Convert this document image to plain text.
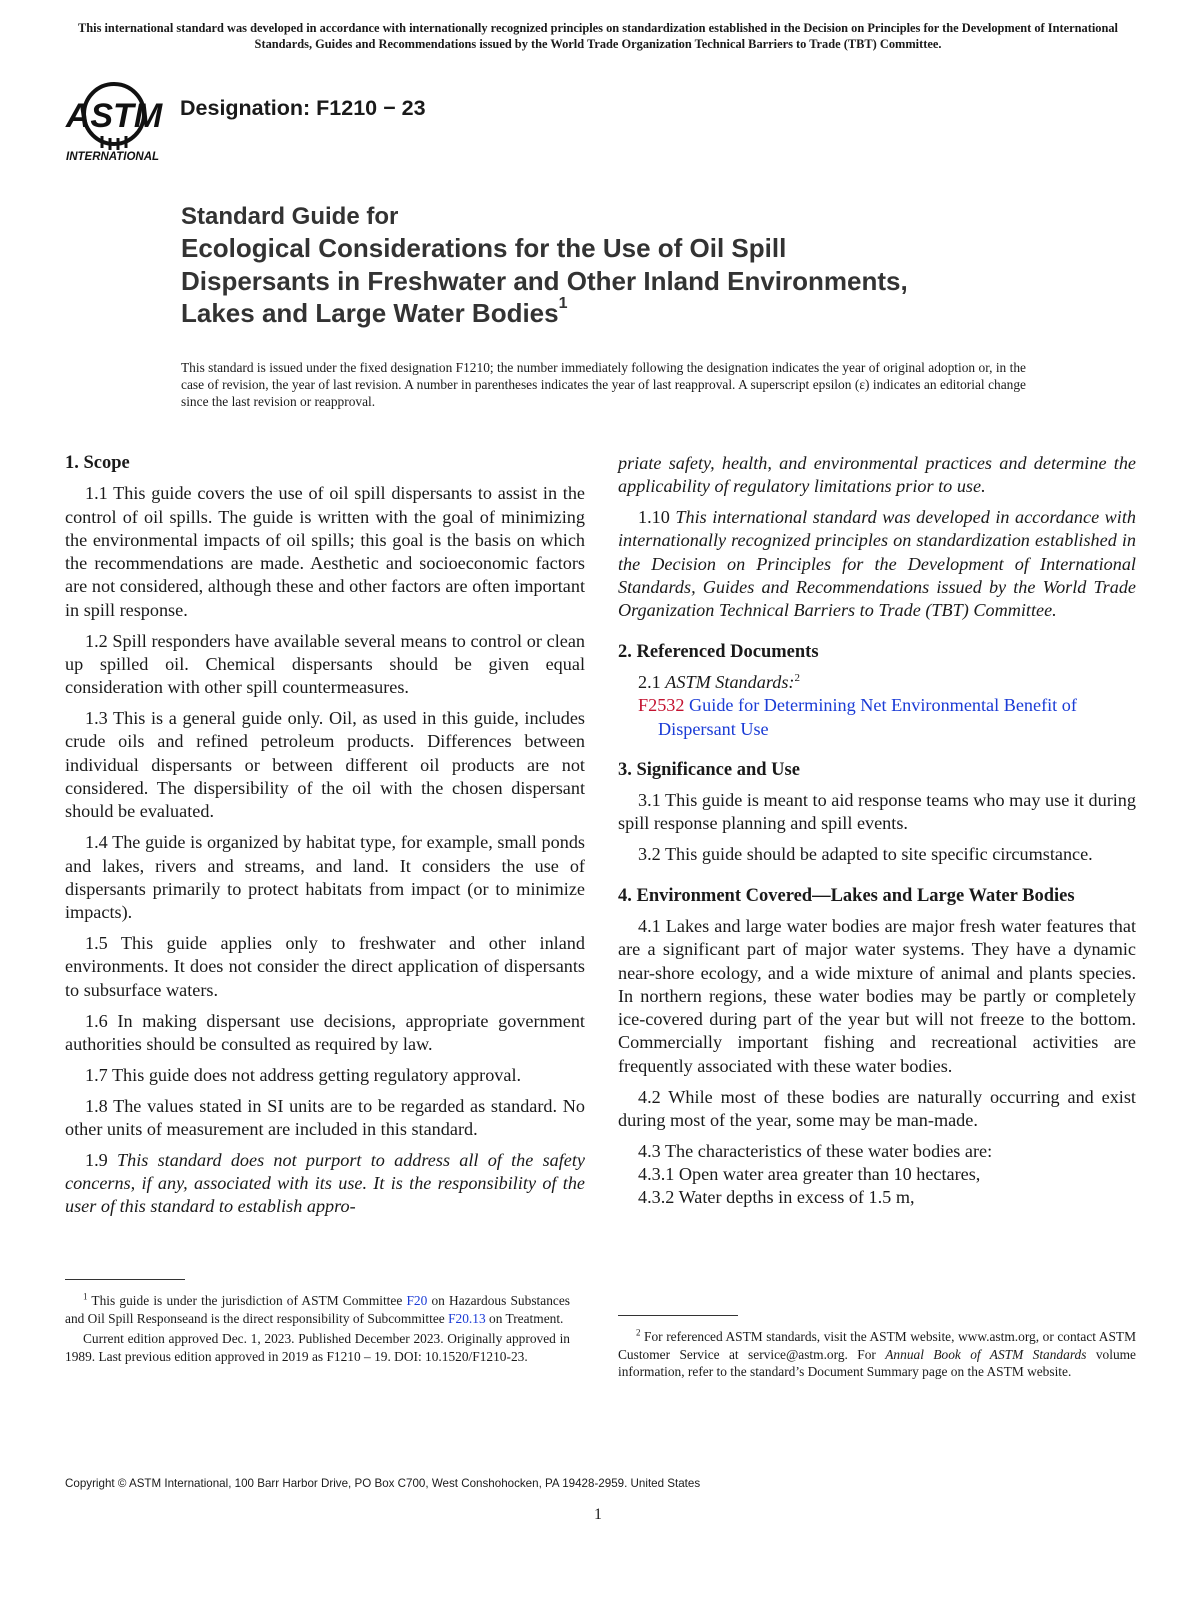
This international standard was developed in accordance with internationally recognized principles on standardization established in the Decision on Principles for the Development of International Standards, Guides and Recommendations issued by the World Trade Organization Technical Barriers to Trade (TBT) Committee.
ASTM
INTERNATIONAL
Designation: F1210 − 23
Standard Guide for
Ecological Considerations for the Use of Oil Spill
Dispersants in Freshwater and Other Inland Environments,
Lakes and Large Water Bodies$^1$
This standard is issued under the fixed designation F1210; the number immediately following the designation indicates the year of original adoption or, in the case of revision, the year of last revision. A number in parentheses indicates the year of last reapproval. A superscript epsilon (ε) indicates an editorial change since the last revision or reapproval.
1. Scope

1.1 This guide covers the use of oil spill dispersants to assist in the control of oil spills. The guide is written with the goal of minimizing the environmental impacts of oil spills; this goal is the basis on which the recommendations are made. Aesthetic and socioeconomic factors are not considered, although these and other factors are often important in spill response.

1.2 Spill responders have available several means to control or clean up spilled oil. Chemical dispersants should be given equal consideration with other spill countermeasures.

1.3 This is a general guide only. Oil, as used in this guide, includes crude oils and refined petroleum products. Differences between individual dispersants or between different oil products are not considered. The dispersibility of the oil with the chosen dispersant should be evaluated.

1.4 The guide is organized by habitat type, for example, small ponds and lakes, rivers and streams, and land. It considers the use of dispersants primarily to protect habitats from impact (or to minimize impacts).

1.5 This guide applies only to freshwater and other inland environments. It does not consider the direct application of dispersants to subsurface waters.

1.6 In making dispersant use decisions, appropriate government authorities should be consulted as required by law.

1.7 This guide does not address getting regulatory approval.

1.8 The values stated in SI units are to be regarded as standard. No other units of measurement are included in this standard.

1.9 This standard does not purport to address all of the safety concerns, if any, associated with its use. It is the responsibility of the user of this standard to establish appro-

priate safety, health, and environmental practices and determine the applicability of regulatory limitations prior to use.

1.10 This international standard was developed in accordance with internationally recognized principles on standardization established in the Decision on Principles for the Development of International Standards, Guides and Recommendations issued by the World Trade Organization Technical Barriers to Trade (TBT) Committee.

2. Referenced Documents

2.1 ASTM Standards:$^2$

F2532 Guide for Determining Net Environmental Benefit of Dispersant Use

3. Significance and Use

3.1 This guide is meant to aid response teams who may use it during spill response planning and spill events.

3.2 This guide should be adapted to site specific circumstance.

4. Environment Covered—Lakes and Large Water Bodies

4.1 Lakes and large water bodies are major fresh water features that are a significant part of major water systems. They have a dynamic near-shore ecology, and a wide mixture of animal and plants species. In northern regions, these water bodies may be partly or completely ice-covered during part of the year but will not freeze to the bottom. Commercially important fishing and recreational activities are frequently associated with these water bodies.

4.2 While most of these bodies are naturally occurring and exist during most of the year, some may be man-made.

4.3 The characteristics of these water bodies are:

4.3.1 Open water area greater than 10 hectares,

4.3.2 Water depths in excess of 1.5 m,

$^1$ This guide is under the jurisdiction of ASTM Committee F20 on Hazardous Substances and Oil Spill Responseand is the direct responsibility of Subcommittee F20.13 on Treatment.

Current edition approved Dec. 1, 2023. Published December 2023. Originally approved in 1989. Last previous edition approved in 2019 as F1210 – 19. DOI: 10.1520/F1210-23.

$^2$ For referenced ASTM standards, visit the ASTM website, www.astm.org, or contact ASTM Customer Service at service@astm.org. For Annual Book of ASTM Standards volume information, refer to the standard’s Document Summary page on the ASTM website.

Copyright © ASTM International, 100 Barr Harbor Drive, PO Box C700, West Conshohocken, PA 19428-2959. United States
1
